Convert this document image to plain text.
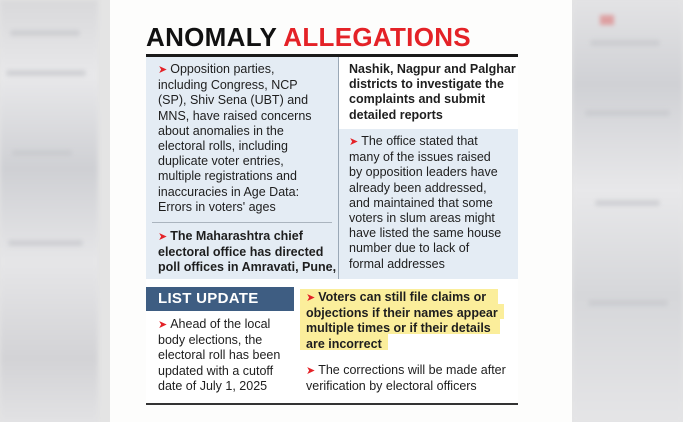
ANOMALY ALLEGATIONS
➤ Opposition parties,
including Congress, NCP
(SP), Shiv Sena (UBT) and
MNS, have raised concerns
about anomalies in the
electoral rolls, including
duplicate voter entries,
multiple registrations and
inaccuracies in Age Data:
Errors in voters' ages
➤ The Maharashtra chief
electoral office has directed
poll offices in Amravati, Pune,
Nashik, Nagpur and Palghar
districts to investigate the
complaints and submit
detailed reports
➤ The office stated that
many of the issues raised
by opposition leaders have
already been addressed,
and maintained that some
voters in slum areas might
have listed the same house
number due to lack of
formal addresses
LIST UPDATE
➤ Ahead of the local
body elections, the
electoral roll has been
updated with a cutoff
date of July 1, 2025
➤ Voters can still file claims or
objections if their names appear
multiple times or if their details
are incorrect
➤ The corrections will be made after
verification by electoral officers
